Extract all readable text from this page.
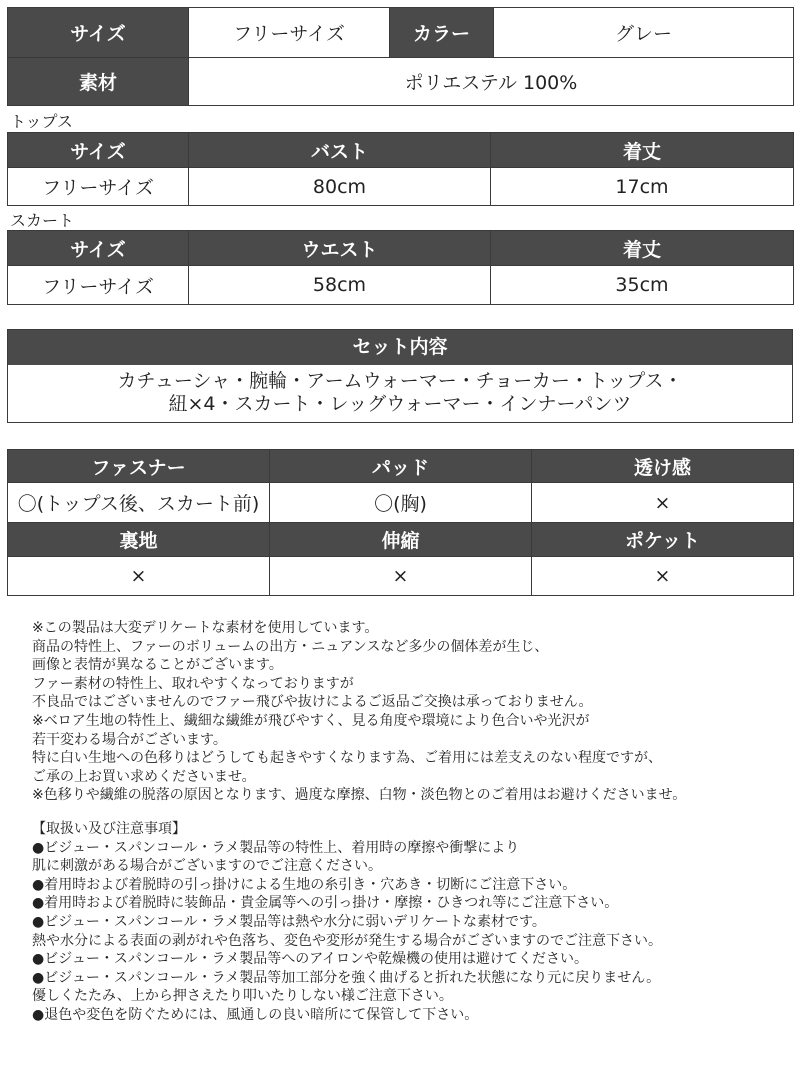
サイズ	フリーサイズ	カラー	グレー
素材	ポリエステル 100%		
トップス
サイズ	バスト	着丈
フリーサイズ	80cm	17cm
スカート
サイズ	ウエスト	着丈
フリーサイズ	58cm	35cm
セット内容
カチューシャ・腕輪・アームウォーマー・チョーカー・トップス・
紐×4・スカート・レッグウォーマー・インナーパンツ
ファスナー	パッド	透け感
〇(トップス後、スカート前)	〇(胸)	×
裏地	伸縮	ポケット
×	×	×
※この製品は大変デリケートな素材を使用しています。
商品の特性上、ファーのボリュームの出方・ニュアンスなど多少の個体差が生じ、
画像と表情が異なることがございます。
ファー素材の特性上、取れやすくなっておりますが
不良品ではございませんのでファー飛びや抜けによるご返品ご交換は承っておりません。
※ベロア生地の特性上、繊細な繊維が飛びやすく、見る角度や環境により色合いや光沢が
若干変わる場合がございます。
特に白い生地への色移りはどうしても起きやすくなります為、ご着用には差支えのない程度ですが、
ご承の上お買い求めくださいませ。
※色移りや繊維の脱落の原因となります、過度な摩擦、白物・淡色物とのご着用はお避けくださいませ。
【取扱い及び注意事項】
●ビジュー・スパンコール・ラメ製品等の特性上、着用時の摩擦や衝撃により
肌に刺激がある場合がございますのでご注意ください。
●着用時および着脱時の引っ掛けによる生地の糸引き・穴あき・切断にご注意下さい。
●着用時および着脱時に装飾品・貴金属等への引っ掛け・摩擦・ひきつれ等にご注意下さい。
●ビジュー・スパンコール・ラメ製品等は熱や水分に弱いデリケートな素材です。
熱や水分による表面の剥がれや色落ち、変色や変形が発生する場合がございますのでご注意下さい。
●ビジュー・スパンコール・ラメ製品等へのアイロンや乾燥機の使用は避けてください。
●ビジュー・スパンコール・ラメ製品等加工部分を強く曲げると折れた状態になり元に戻りません。
優しくたたみ、上から押さえたり叩いたりしない様ご注意下さい。
●退色や変色を防ぐためには、風通しの良い暗所にて保管して下さい。
